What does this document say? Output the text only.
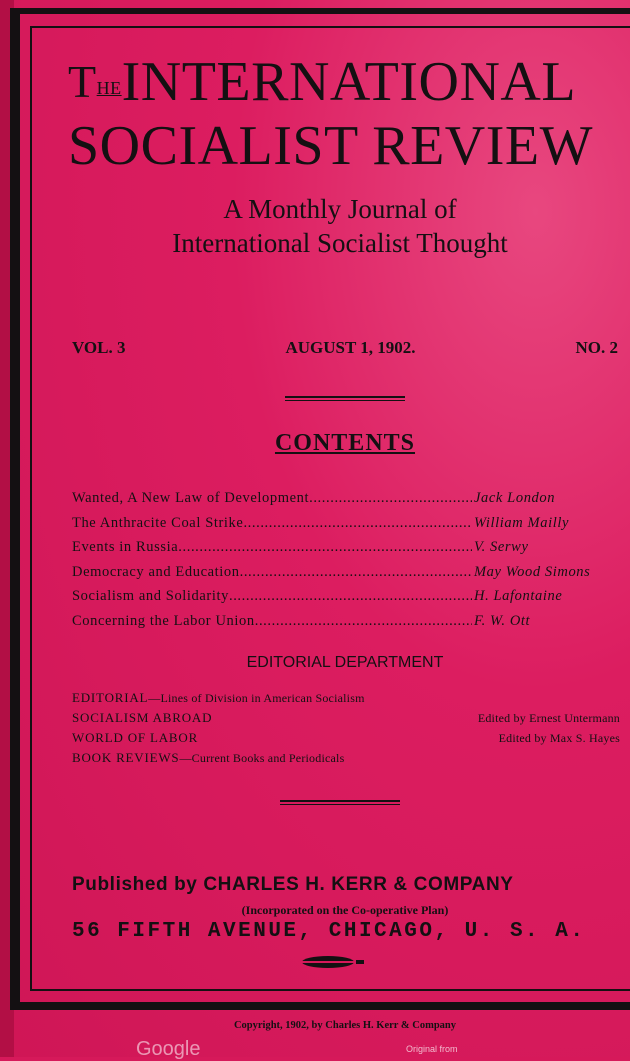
$T^{HE}INTERNATIONAL$
SOCIALIST REVIEW
A Monthly Journal of
International Socialist Thought
VOL. 3	AUGUST 1, 1902.	NO. 2
CONTENTS
Wanted, A New Law of Development .....	Jack London
The Anthracite Coal Strike .....	William Mailly
Events in Russia .....	V. Serwy
Democracy and Education .....	May Wood Simons
Socialism and Solidarity .....	H. Lafontaine
Concerning the Labor Union .....	F. W. Ott
EDITORIAL DEPARTMENT
EDITORIAL—Lines of Division in American Socialism
SOCIALISM ABROAD	Edited by Ernest Untermann
WORLD OF LABOR	Edited by Max S. Hayes
BOOK REVIEWS—Current Books and Periodicals
Published by CHARLES H. KERR & COMPANY
(Incorporated on the Co-operative Plan)
56 FIFTH AVENUE, CHICAGO, U. S. A.
Copyright, 1902, by Charles H. Kerr & Company
Google	Original from
